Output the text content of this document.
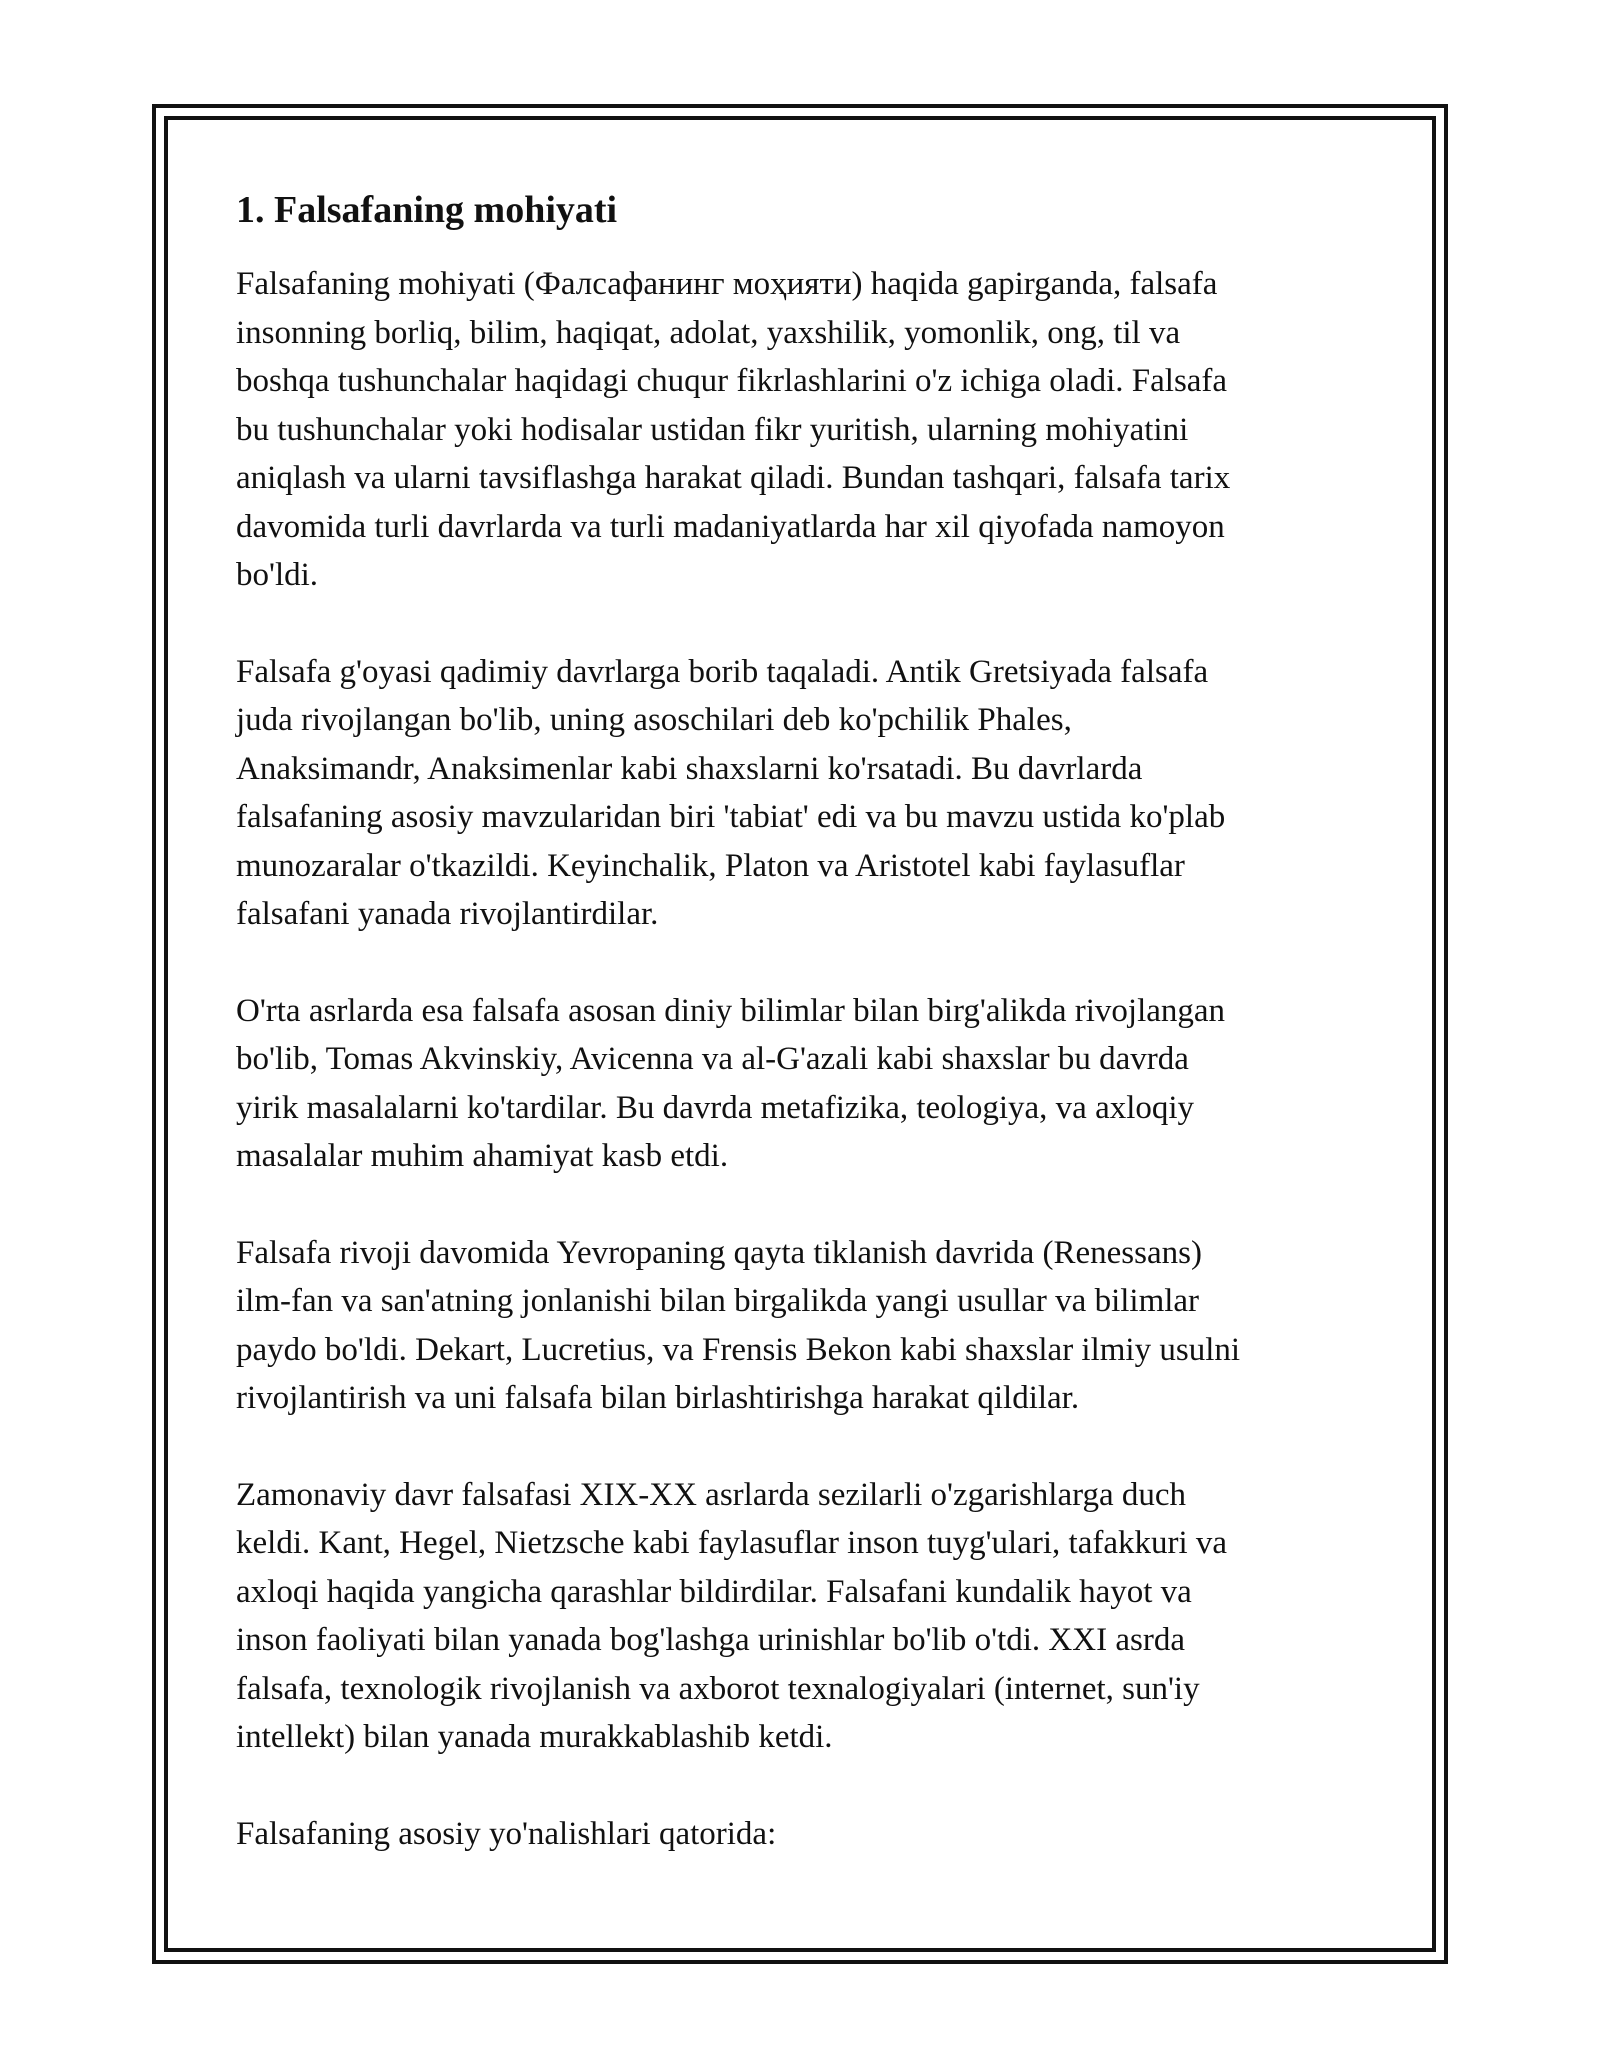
1. Falsafaning mohiyati

Falsafaning mohiyati (Фалсафанинг моҳияти) haqida gapirganda, falsafa
insonning borliq, bilim, haqiqat, adolat, yaxshilik, yomonlik, ong, til va
boshqa tushunchalar haqidagi chuqur fikrlashlarini o'z ichiga oladi. Falsafa
bu tushunchalar yoki hodisalar ustidan fikr yuritish, ularning mohiyatini
aniqlash va ularni tavsiflashga harakat qiladi. Bundan tashqari, falsafa tarix
davomida turli davrlarda va turli madaniyatlarda har xil qiyofada namoyon
bo'ldi.

Falsafa g'oyasi qadimiy davrlarga borib taqaladi. Antik Gretsiyada falsafa
juda rivojlangan bo'lib, uning asoschilari deb ko'pchilik Phales,
Anaksimandr, Anaksimenlar kabi shaxslarni ko'rsatadi. Bu davrlarda
falsafaning asosiy mavzularidan biri 'tabiat' edi va bu mavzu ustida ko'plab
munozaralar o'tkazildi. Keyinchalik, Platon va Aristotel kabi faylasuflar
falsafani yanada rivojlantirdilar.

O'rta asrlarda esa falsafa asosan diniy bilimlar bilan birg'alikda rivojlangan
bo'lib, Tomas Akvinskiy, Avicenna va al-G'azali kabi shaxslar bu davrda
yirik masalalarni ko'tardilar. Bu davrda metafizika, teologiya, va axloqiy
masalalar muhim ahamiyat kasb etdi.

Falsafa rivoji davomida Yevropaning qayta tiklanish davrida (Renessans)
ilm-fan va san'atning jonlanishi bilan birgalikda yangi usullar va bilimlar
paydo bo'ldi. Dekart, Lucretius, va Frensis Bekon kabi shaxslar ilmiy usulni
rivojlantirish va uni falsafa bilan birlashtirishga harakat qildilar.

Zamonaviy davr falsafasi XIX-XX asrlarda sezilarli o'zgarishlarga duch
keldi. Kant, Hegel, Nietzsche kabi faylasuflar inson tuyg'ulari, tafakkuri va
axloqi haqida yangicha qarashlar bildirdilar. Falsafani kundalik hayot va
inson faoliyati bilan yanada bog'lashga urinishlar bo'lib o'tdi. XXI asrda
falsafa, texnologik rivojlanish va axborot texnalogiyalari (internet, sun'iy
intellekt) bilan yanada murakkablashib ketdi.

Falsafaning asosiy yo'nalishlari qatorida:
